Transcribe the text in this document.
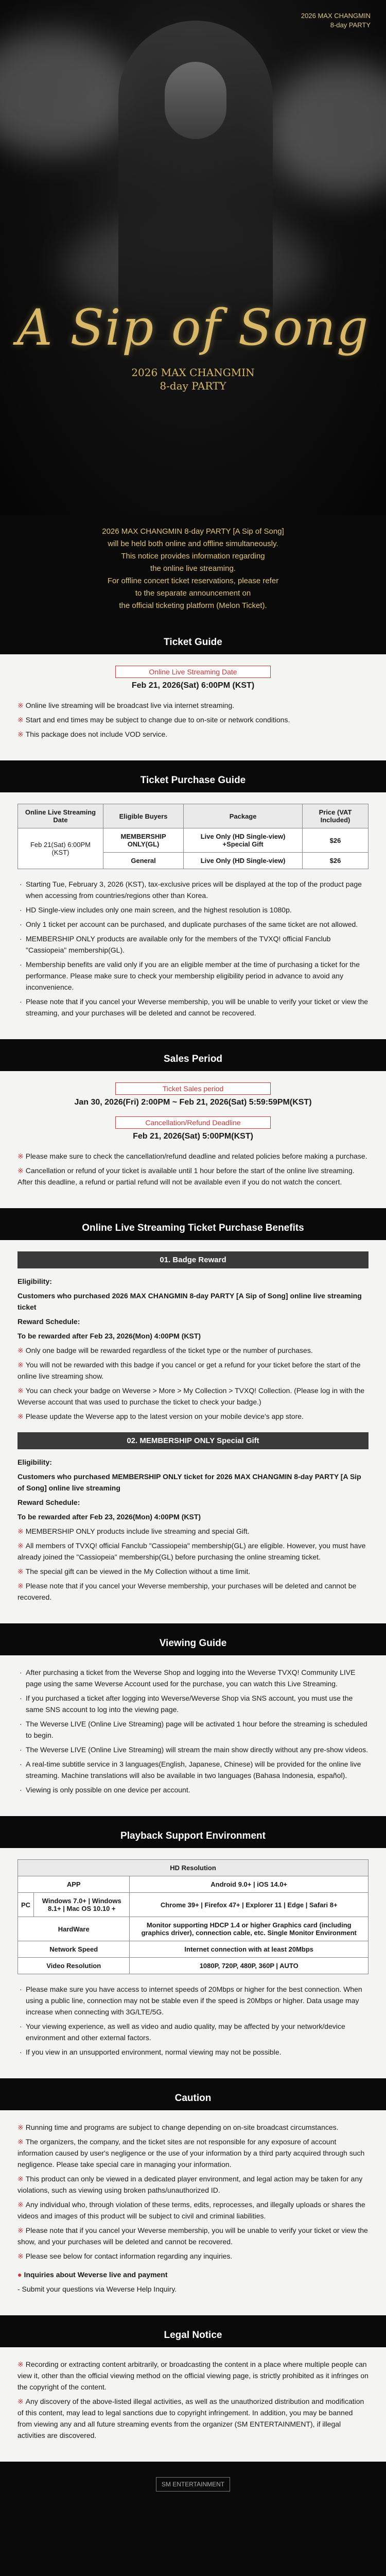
2026 MAX CHANGMIN
8-day PARTY
A Sip of Song
2026 MAX CHANGMIN
8-day PARTY
2026 MAX CHANGMIN 8-day PARTY [A Sip of Song]
will be held both online and offline simultaneously.
This notice provides information regarding
the online live streaming.
For offline concert ticket reservations, please refer
to the separate announcement on
the official ticketing platform (Melon Ticket).
Ticket Guide
Online Live Streaming Date
Feb 21, 2026(Sat) 6:00PM (KST)
※ Online live streaming will be broadcast live via internet streaming.
※ Start and end times may be subject to change due to on-site or network conditions.
※ This package does not include VOD service.
Ticket Purchase Guide
Online Live Streaming Date	Eligible Buyers	Package	Price (VAT Included)
Feb 21(Sat) 6:00PM (KST)	MEMBERSHIP ONLY(GL)	Live Only (HD Single-view) +Special Gift	$26
	General	Live Only (HD Single-view)	$26
· Starting Tue, February 3, 2026 (KST), tax-exclusive prices will be displayed at the top of the product page when accessing from countries/regions other than Korea.
· HD Single-view includes only one main screen, and the highest resolution is 1080p.
· Only 1 ticket per account can be purchased, and duplicate purchases of the same ticket are not allowed.
· MEMBERSHIP ONLY products are available only for the members of the TVXQ! official Fanclub "Cassiopeia" membership(GL).
· Membership benefits are valid only if you are an eligible member at the time of purchasing a ticket for the performance. Please make sure to check your membership eligibility period in advance to avoid any inconvenience.
· Please note that if you cancel your Weverse membership, you will be unable to verify your ticket or view the streaming, and your purchases will be deleted and cannot be recovered.
Sales Period
Ticket Sales period
Jan 30, 2026(Fri) 2:00PM ~ Feb 21, 2026(Sat) 5:59:59PM(KST)
Cancellation/Refund Deadline
Feb 21, 2026(Sat) 5:00PM(KST)
※ Please make sure to check the cancellation/refund deadline and related policies before making a purchase.
※ Cancellation or refund of your ticket is available until 1 hour before the start of the online live streaming. After this deadline, a refund or partial refund will not be available even if you do not watch the concert.
Online Live Streaming Ticket Purchase Benefits
01. Badge Reward
Eligibility:
Customers who purchased 2026 MAX CHANGMIN 8-day PARTY [A Sip of Song] online live streaming ticket
Reward Schedule:
To be rewarded after Feb 23, 2026(Mon) 4:00PM (KST)
※ Only one badge will be rewarded regardless of the ticket type or the number of purchases.
※ You will not be rewarded with this badge if you cancel or get a refund for your ticket before the start of the online live streaming show.
※ You can check your badge on Weverse > More > My Collection > TVXQ! Collection. (Please log in with the Weverse account that was used to purchase the ticket to check your badge.)
※ Please update the Weverse app to the latest version on your mobile device's app store.
02. MEMBERSHIP ONLY Special Gift
Eligibility:
Customers who purchased MEMBERSHIP ONLY ticket for 2026 MAX CHANGMIN 8-day PARTY [A Sip of Song] online live streaming
Reward Schedule:
To be rewarded after Feb 23, 2026(Mon) 4:00PM (KST)
※ MEMBERSHIP ONLY products include live streaming and special Gift.
※ All members of TVXQ! official Fanclub "Cassiopeia" membership(GL) are eligible. However, you must have already joined the "Cassiopeia" membership(GL) before purchasing the online streaming ticket.
※ The special gift can be viewed in the My Collection without a time limit.
※ Please note that if you cancel your Weverse membership, your purchases will be deleted and cannot be recovered.
Viewing Guide
· After purchasing a ticket from the Weverse Shop and logging into the Weverse TVXQ! Community LIVE page using the same Weverse Account used for the purchase, you can watch this Live Streaming.
· If you purchased a ticket after logging into Weverse/Weverse Shop via SNS account, you must use the same SNS account to log into the viewing page.
· The Weverse LIVE (Online Live Streaming) page will be activated 1 hour before the streaming is scheduled to begin.
· The Weverse LIVE (Online Live Streaming) will stream the main show directly without any pre-show videos.
· A real-time subtitle service in 3 languages(English, Japanese, Chinese) will be provided for the online live streaming. Machine translations will also be available in two languages (Bahasa Indonesia, español).
· Viewing is only possible on one device per account.
Playback Support Environment
HD Resolution		
APP		Android 9.0+ | iOS 14.0+
PC	Windows 7.0+ | Windows 8.1+ | Mac OS 10.10 +	Chrome 39+ | Firefox 47+ | Explorer 11 | Edge | Safari 8+
HardWare		Monitor supporting HDCP 1.4 or higher Graphics card (including graphics driver), connection cable, etc. Single Monitor Environment
Network Speed		Internet connection with at least 20Mbps
Video Resolution		1080P, 720P, 480P, 360P | AUTO
· Please make sure you have access to internet speeds of 20Mbps or higher for the best connection. When using a public line, connection may not be stable even if the speed is 20Mbps or higher. Data usage may increase when connecting with 3G/LTE/5G.
· Your viewing experience, as well as video and audio quality, may be affected by your network/device environment and other external factors.
· If you view in an unsupported environment, normal viewing may not be possible.
Caution
※ Running time and programs are subject to change depending on on-site broadcast circumstances.
※ The organizers, the company, and the ticket sites are not responsible for any exposure of account information caused by user's negligence or the use of your information by a third party acquired through such negligence. Please take special care in managing your information.
※ This product can only be viewed in a dedicated player environment, and legal action may be taken for any violations, such as viewing using broken paths/unauthorized ID.
※ Any individual who, through violation of these terms, edits, reprocesses, and illegally uploads or shares the videos and images of this product will be subject to civil and criminal liabilities.
※ Please note that if you cancel your Weverse membership, you will be unable to verify your ticket or view the show, and your purchases will be deleted and cannot be recovered.
※ Please see below for contact information regarding any inquiries.
● Inquiries about Weverse live and payment
- Submit your questions via Weverse Help Inquiry.
Legal Notice
※ Recording or extracting content arbitrarily, or broadcasting the content in a place where multiple people can view it, other than the official viewing method on the official viewing page, is strictly prohibited as it infringes on the copyright of the content.
※ Any discovery of the above-listed illegal activities, as well as the unauthorized distribution and modification of this content, may lead to legal sanctions due to copyright infringement. In addition, you may be banned from viewing any and all future streaming events from the organizer (SM ENTERTAINMENT), if illegal activities are discovered.
SM ENTERTAINMENT
